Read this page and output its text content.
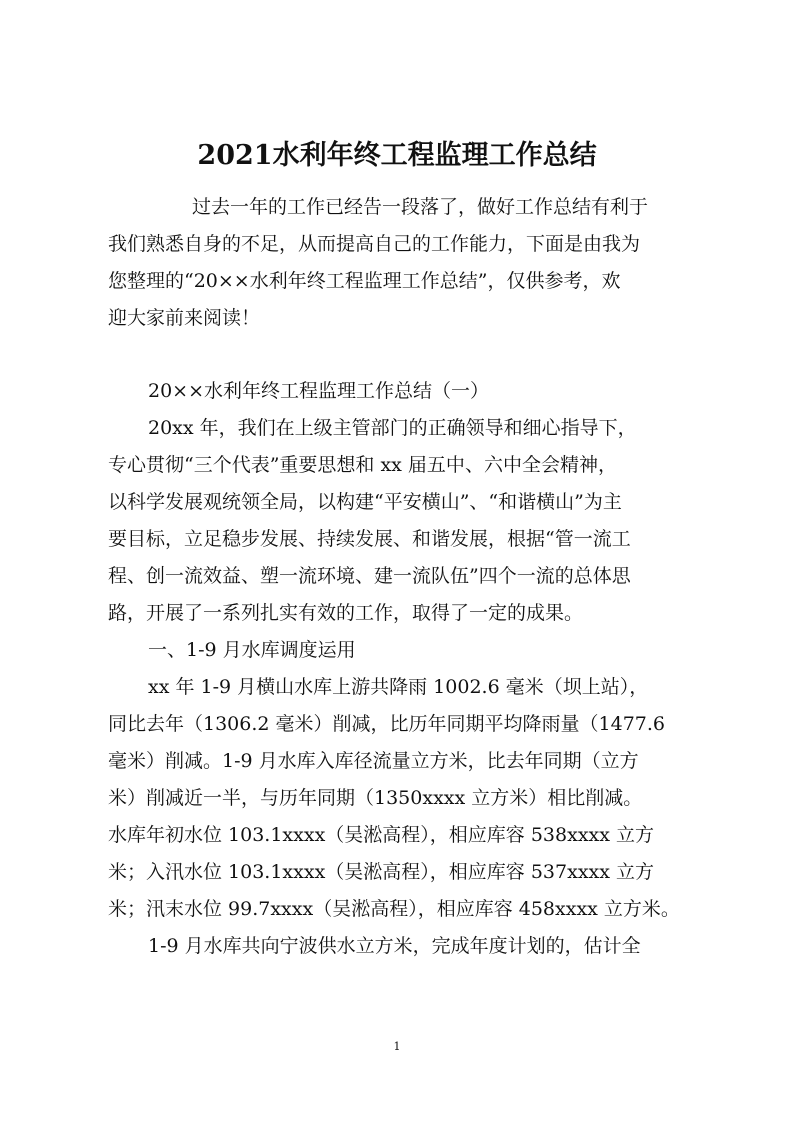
2021水利年终工程监理工作总结
过去一年的工作已经告一段落了，做好工作总结有利于
我们熟悉自身的不足，从而提高自己的工作能力，下面是由我为
您整理的“20××水利年终工程监理工作总结”，仅供参考，欢
迎大家前来阅读！
20××水利年终工程监理工作总结（一）
20xx 年，我们在上级主管部门的正确领导和细心指导下，
专心贯彻“三个代表”重要思想和 xx 届五中、六中全会精神，
以科学发展观统领全局，以构建“平安横山”、“和谐横山”为主
要目标，立足稳步发展、持续发展、和谐发展，根据“管一流工
程、创一流效益、塑一流环境、建一流队伍”四个一流的总体思
路，开展了一系列扎实有效的工作，取得了一定的成果。
一、1-9 月水库调度运用
xx 年 1-9 月横山水库上游共降雨 1002.6 毫米（坝上站），
同比去年（1306.2 毫米）削减，比历年同期平均降雨量（1477.6
毫米）削减。1-9 月水库入库径流量立方米，比去年同期（立方
米）削减近一半，与历年同期（1350xxxx 立方米）相比削减。
水库年初水位 103.1xxxx（吴淞高程），相应库容 538xxxx 立方
米；入汛水位 103.1xxxx（吴淞高程），相应库容 537xxxx 立方
米；汛末水位 99.7xxxx（吴淞高程），相应库容 458xxxx 立方米。
1-9 月水库共向宁波供水立方米，完成年度计划的，估计全
1
